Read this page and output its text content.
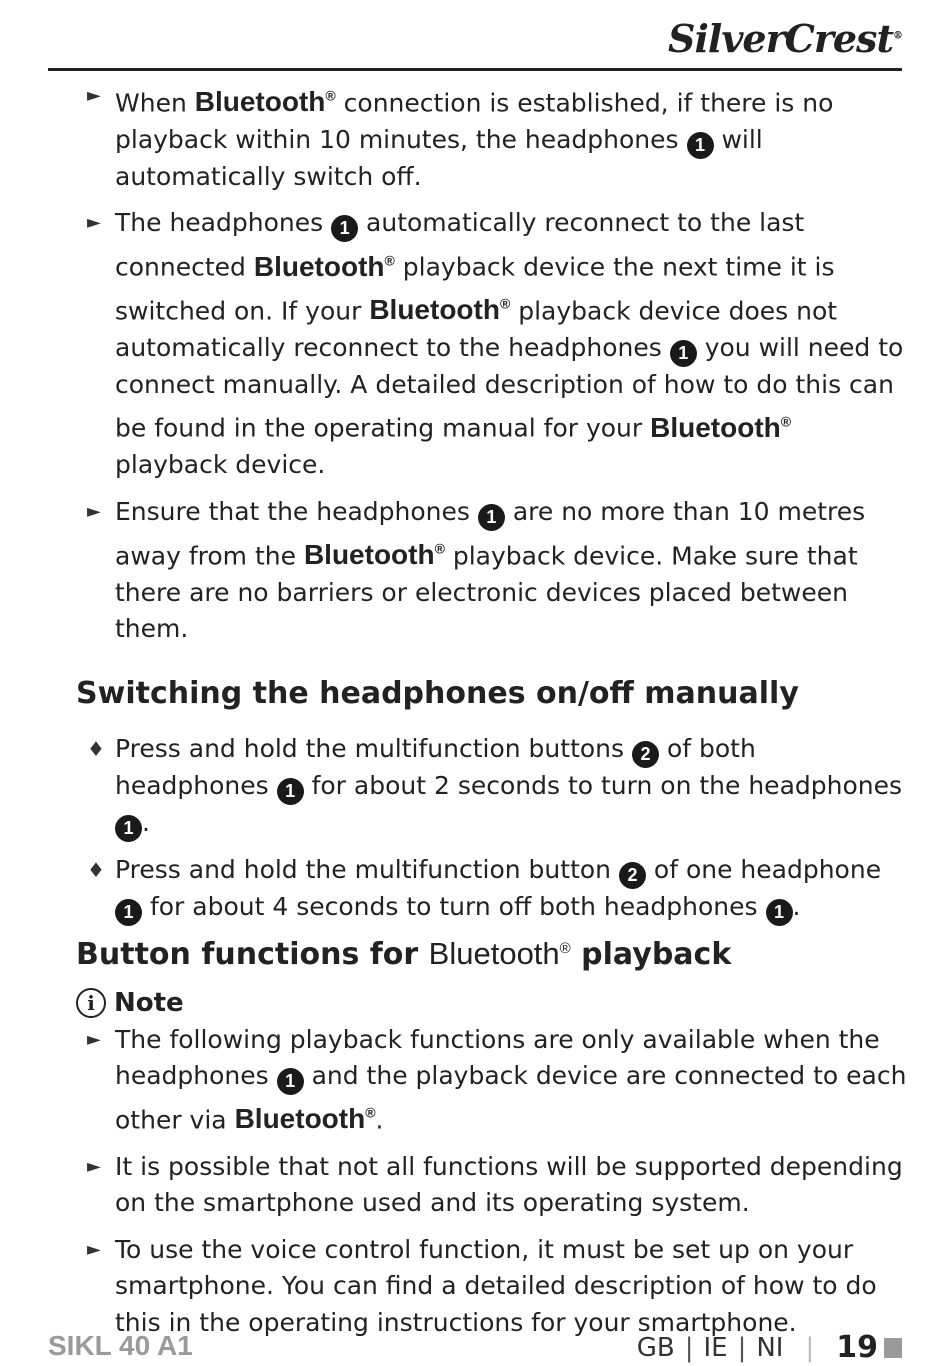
SilverCrest®
► When Bluetooth® connection is established, if there is no playback within 10 minutes, the headphones 1 will automatically switch off.
► The headphones 1 automatically reconnect to the last connected Bluetooth® playback device the next time it is switched on. If your Bluetooth® playback device does not automatically reconnect to the headphones 1 you will need to connect manually. A detailed description of how to do this can be found in the operating manual for your Bluetooth® playback device.
► Ensure that the headphones 1 are no more than 10 metres away from the Bluetooth® playback device. Make sure that there are no barriers or electronic devices placed between them.
Switching the headphones on/off manually
♦ Press and hold the multifunction buttons 2 of both headphones 1 for about 2 seconds to turn on the headphones 1 .
♦ Press and hold the multifunction button 2 of one headphone 1 for about 4 seconds to turn off both headphones 1 .
Button functions for Bluetooth® playback
i Note
► The following playback functions are only available when the headphones 1 and the playback device are connected to each other via Bluetooth®.
► It is possible that not all functions will be supported depending on the smartphone used and its operating system.
► To use the voice control function, it must be set up on your smartphone. You can find a detailed description of how to do this in the operating instructions for your smartphone.
SIKL 40 A1	GB | IE | NI | 19
